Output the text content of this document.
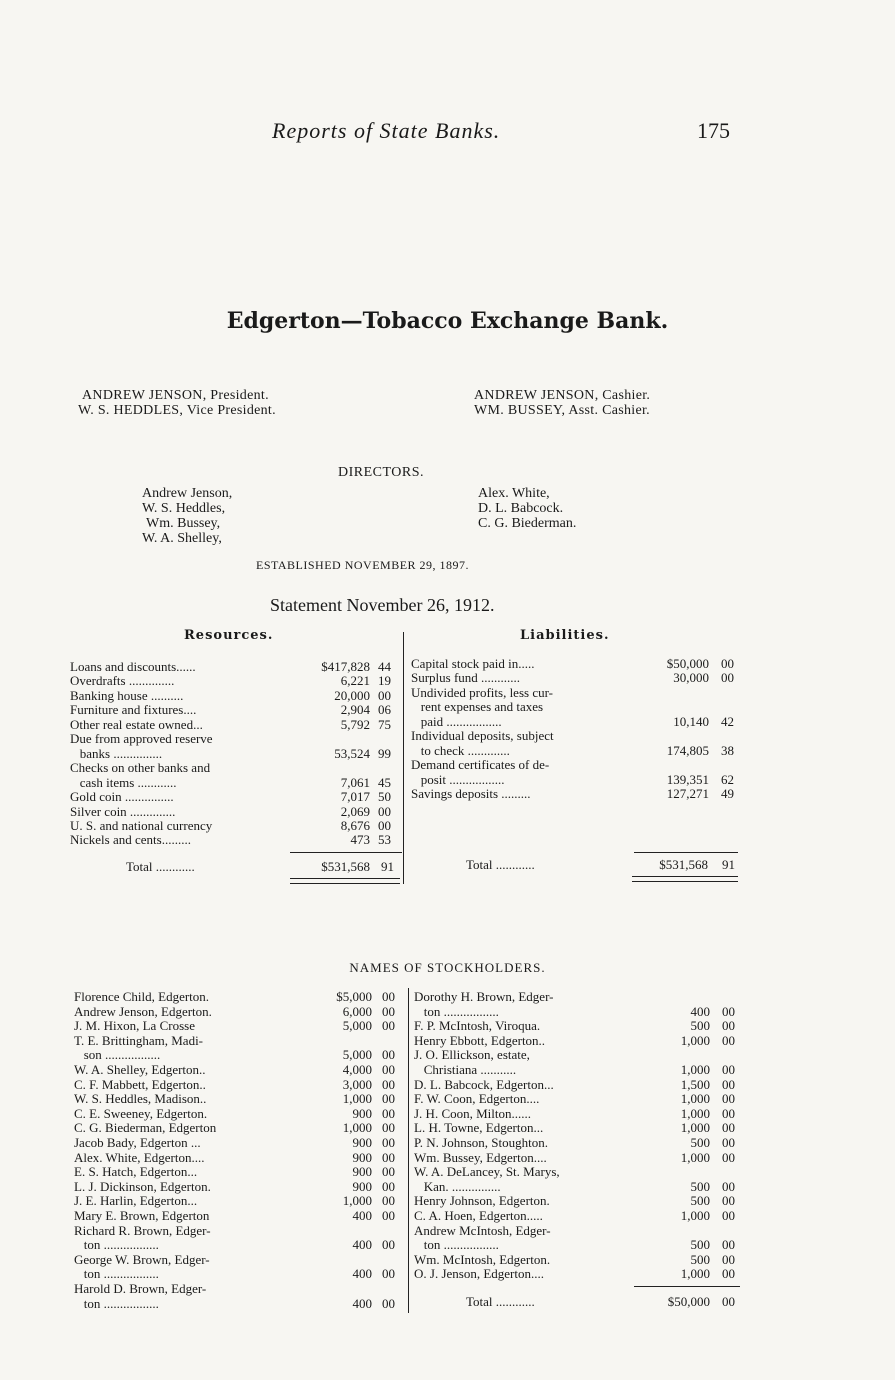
Reports of State Banks.	175
Edgerton—Tobacco Exchange Bank.
ANDREW JENSON, President.
W. S. HEDDLES, Vice President.
ANDREW JENSON, Cashier.
WM. BUSSEY, Asst. Cashier.
DIRECTORS.
Andrew Jenson,
W. S. Heddles,
Wm. Bussey,
W. A. Shelley,
Alex. White,
D. L. Babcock.
C. G. Biederman.
ESTABLISHED NOVEMBER 29, 1897.
Statement November 26, 1912.
Resources.	Liabilities.
Loans and discounts......	$417,828 44
Overdrafts ..............	6,221 19
Banking house ..........	20,000 00
Furniture and fixtures....	2,904 06
Other real estate owned...	5,792 75
Due from approved reserve
banks ...............	53,524 99
Checks on other banks and
cash items ............	7,061 45
Gold coin ...............	7,017 50
Silver coin ..............	2,069 00
U. S. and national currency	8,676 00
Nickels and cents.........	473 53
Total ............	$531,568 91
Capital stock paid in.....	$50,000 00
Surplus fund ............	30,000 00
Undivided profits, less cur-
rent expenses and taxes
paid .................	10,140 42
Individual deposits, subject
to check .............	174,805 38
Demand certificates of de-
posit .................	139,351 62
Savings deposits .........	127,271 49
Total ............	$531,568 91
NAMES OF STOCKHOLDERS.
Florence Child, Edgerton.	$5,000 00
Andrew Jenson, Edgerton.	6,000 00
J. M. Hixon, La Crosse	5,000 00
T. E. Brittingham, Madi-
son .................	5,000 00
W. A. Shelley, Edgerton..	4,000 00
C. F. Mabbett, Edgerton..	3,000 00
W. S. Heddles, Madison..	1,000 00
C. E. Sweeney, Edgerton.	900 00
C. G. Biederman, Edgerton	1,000 00
Jacob Bady, Edgerton ...	900 00
Alex. White, Edgerton....	900 00
E. S. Hatch, Edgerton...	900 00
L. J. Dickinson, Edgerton.	900 00
J. E. Harlin, Edgerton...	1,000 00
Mary E. Brown, Edgerton	400 00
Richard R. Brown, Edger-
ton .................	400 00
George W. Brown, Edger-
ton .................	400 00
Harold D. Brown, Edger-
ton .................	400 00
Dorothy H. Brown, Edger-
ton .................	400 00
F. P. McIntosh, Viroqua.	500 00
Henry Ebbott, Edgerton..	1,000 00
J. O. Ellickson, estate,
Christiana ...........	1,000 00
D. L. Babcock, Edgerton...	1,500 00
F. W. Coon, Edgerton....	1,000 00
J. H. Coon, Milton......	1,000 00
L. H. Towne, Edgerton...	1,000 00
P. N. Johnson, Stoughton.	500 00
Wm. Bussey, Edgerton....	1,000 00
W. A. DeLancey, St. Marys,
Kan. ...............	500 00
Henry Johnson, Edgerton.	500 00
C. A. Hoen, Edgerton.....	1,000 00
Andrew McIntosh, Edger-
ton .................	500 00
Wm. McIntosh, Edgerton.	500 00
O. J. Jenson, Edgerton....	1,000 00
Total ............	$50,000 00
